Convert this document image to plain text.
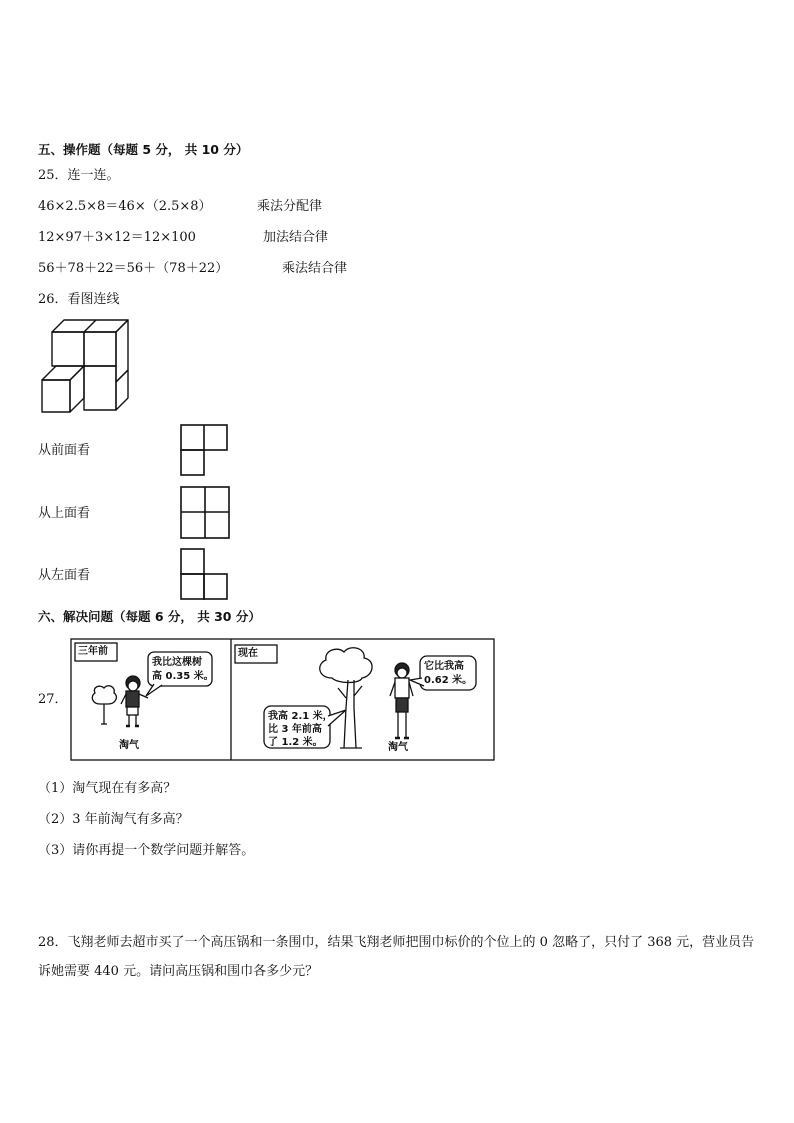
五、操作题（每题 5 分， 共 10 分）
25．连一连。
46×2.5×8＝46×（2.5×8）	乘法分配律
12×97＋3×12＝12×100	加法结合律
56＋78＋22＝56＋（78＋22）	乘法结合律
26．看图连线
从前面看
从上面看
从左面看
六、解决问题（每题 6 分， 共 30 分）
27．
三年前	现在
我比这棵树
高 0.35 米。
淘气
我高 2.1 米，
比 3 年前高
了 1.2 米。
它比我高
0.62 米。
淘气
（1）淘气现在有多高？
（2）3 年前淘气有多高？
（3）请你再提一个数学问题并解答。
28．飞翔老师去超市买了一个高压锅和一条围巾，结果飞翔老师把围巾标价的个位上的 0 忽略了，只付了 368 元，营业员告诉她需要 440 元。请问高压锅和围巾各多少元？
